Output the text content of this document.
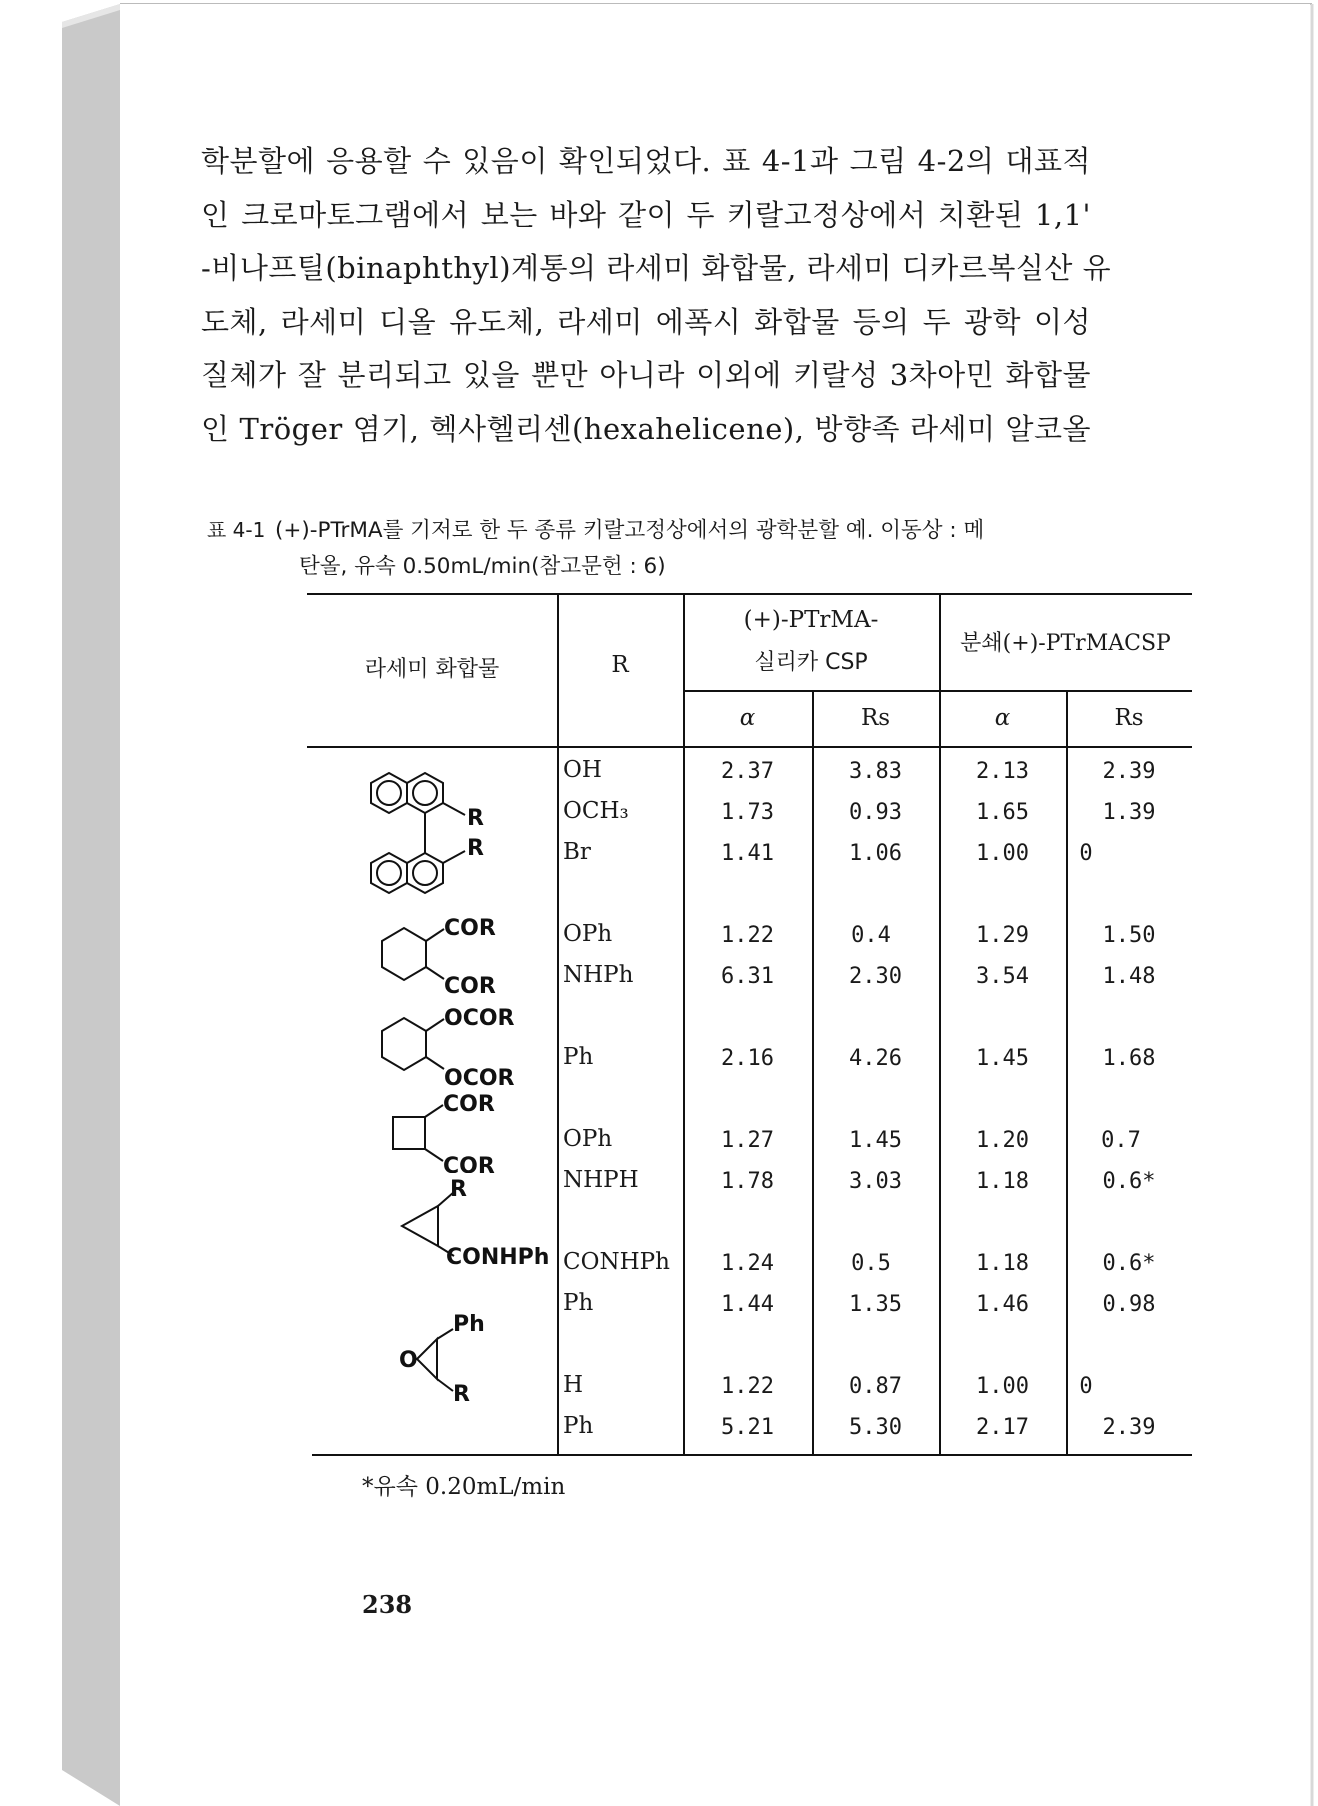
학분할에 응용할 수 있음이 확인되었다. 표 4-1과 그림 4-2의 대표적
인 크로마토그램에서 보는 바와 같이 두 키랄고정상에서 치환된 1,1'
-비나프틸(binaphthyl)계통의 라세미 화합물, 라세미 디카르복실산 유
도체, 라세미 디올 유도체, 라세미 에폭시 화합물 등의 두 광학 이성
질체가 잘 분리되고 있을 뿐만 아니라 이외에 키랄성 3차아민 화합물
인 Tröger 염기, 헥사헬리센(hexahelicene), 방향족 라세미 알코올
표 4-1 (+)-PTrMA를 기저로 한 두 종류 키랄고정상에서의 광학분할 예. 이동상 : 메
탄올, 유속 0.50mL/min(참고문헌 : 6)
라세미 화합물	R
(+)-PTrMA-
실리카 CSP
분쇄(+)-PTrMACSP
α	Rs	α	Rs
OH	2.37	3.83	2.13	2.39
OCH₃	1.73	0.93	1.65	1.39
Br	1.41	1.06	1.00	0
OPh	1.22	0.4	1.29	1.50
NHPh	6.31	2.30	3.54	1.48
Ph	2.16	4.26	1.45	1.68
OPh	1.27	1.45	1.20	0.7
NHPH	1.78	3.03	1.18	0.6*
CONHPh	1.24	0.5	1.18	0.6*
Ph	1.44	1.35	1.46	0.98
H	1.22	0.87	1.00	0
Ph	5.21	5.30	2.17	2.39
R
R
COR
COR
OCOR
OCOR
COR
COR
R
CONHPh
O
Ph
R
*유속 0.20mL/min
238
